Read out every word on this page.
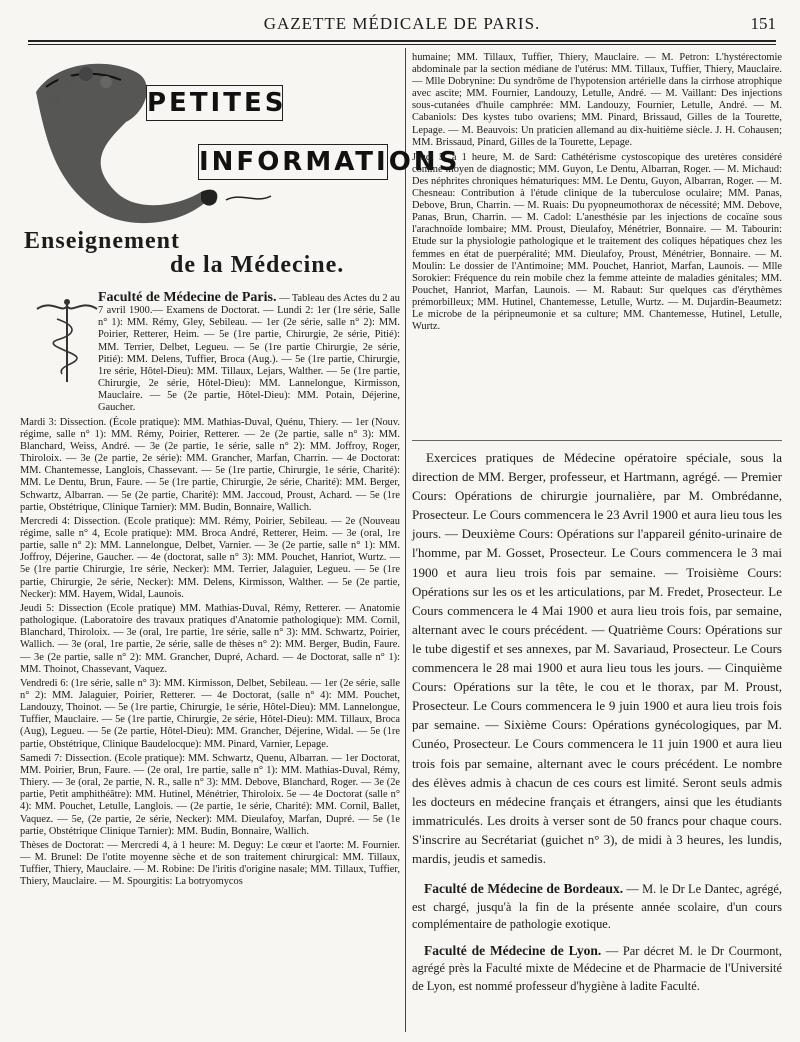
GAZETTE MÉDICALE DE PARIS.	151
PETITES
INFORMATIONS
Enseignement
de la Médecine.

Faculté de Médecine de Paris. — Tableau des Actes du 2 au 7 avril 1900.— Examens de Doctorat. — Lundi 2: 1er (1re série, Salle n° 1): MM. Rémy, Gley, Sebileau. — 1er (2e série, salle n° 2): MM. Poirier, Retterer, Heim. — 5e (1re partie, Chirurgie, 2e série, Pitié): MM. Terrier, Delbet, Legueu. — 5e (1re partie Chirurgie, 2e série, Pitié): MM. Delens, Tuffier, Broca (Aug.). — 5e (1re partie, Chirurgie, 1re série, Hôtel-Dieu): MM. Tillaux, Lejars, Walther. — 5e (1re partie, Chirurgie, 2e série, Hôtel-Dieu): MM. Lannelongue, Kirmisson, Mauclaire. — 5e (2e partie, Hôtel-Dieu): MM. Potain, Déjerine, Gaucher.

Mardi 3: Dissection. (École pratique): MM. Mathias-Duval, Quénu, Thiery. — 1er (Nouv. régime, salle n° 1): MM. Rémy, Poirier, Retterer. — 2e (2e partie, salle n° 3): MM. Blanchard, Weiss, André. — 3e (2e partie, 1e série, salle n° 2): MM. Joffroy, Roger, Thiroloix. — 3e (2e partie, 2e série): MM. Grancher, Marfan, Charrin. — 4e Doctorat: MM. Chantemesse, Langlois, Chassevant. — 5e (1re partie, Chirurgie, 1e série, Charité): MM. Le Dentu, Brun, Faure. — 5e (1re partie, Chirurgie, 2e série, Charité): MM. Berger, Schwartz, Albarran. — 5e (2e partie, Charité): MM. Jaccoud, Proust, Achard. — 5e (1re partie, Obstétrique, Clinique Tarnier): MM. Budin, Bonnaire, Wallich.

Mercredi 4: Dissection. (Ecole pratique): MM. Rémy, Poirier, Sebileau. — 2e (Nouveau régime, salle n° 4, Ecole pratique): MM. Broca André, Retterer, Heim. — 3e (oral, 1re partie, salle n° 2): MM. Lannelongue, Delbet, Varnier. — 3e (2e partie, salle n° 1): MM. Joffroy, Déjerine, Gaucher. — 4e (doctorat, salle n° 3): MM. Pouchet, Hanriot, Wurtz. — 5e (1re partie Chirurgie, 1re série, Necker): MM. Terrier, Jalaguier, Legueu. — 5e (1re partie, Chirurgie, 2e série, Necker): MM. Delens, Kirmisson, Walther. — 5e (2e partie, Necker): MM. Hayem, Widal, Launois.

Jeudi 5: Dissection (Ecole pratique) MM. Mathias-Duval, Rémy, Retterer. — Anatomie pathologique. (Laboratoire des travaux pratiques d'Anatomie pathologique): MM. Cornil, Blanchard, Thiroloix. — 3e (oral, 1re partie, 1re série, salle n° 3): MM. Schwartz, Poirier, Wallich. — 3e (oral, 1re partie, 2e série, salle de thèses n° 2): MM. Berger, Budin, Faure. — 3e (2e partie, salle n° 2): MM. Grancher, Dupré, Achard. — 4e Doctorat, salle n° 1): MM. Thoinot, Chassevant, Vaquez.

Vendredi 6: (1re série, salle n° 3): MM. Kirmisson, Delbet, Sebileau. — 1er (2e série, salle n° 2): MM. Jalaguier, Poirier, Retterer. — 4e Doctorat, (salle n° 4): MM. Pouchet, Landouzy, Thoinot. — 5e (1re partie, Chirurgie, 1e série, Hôtel-Dieu): MM. Lannelongue, Tuffier, Mauclaire. — 5e (1re partie, Chirurgie, 2e série, Hôtel-Dieu): MM. Tillaux, Broca (Aug), Legueu. — 5e (2e partie, Hôtel-Dieu): MM. Grancher, Déjerine, Widal. — 5e (1re partie, Obstétrique, Clinique Baudelocque): MM. Pinard, Varnier, Lepage.

Samedi 7: Dissection. (Ecole pratique): MM. Schwartz, Quenu, Albarran. — 1er Doctorat, MM. Poirier, Brun, Faure. — (2e oral, 1re partie, salle n° 1): MM. Mathias-Duval, Rémy, Thiery. — 3e (oral, 2e partie, N. R., salle n° 3): MM. Debove, Blanchard, Roger. — 3e (2e partie, Petit amphithéâtre): MM. Hutinel, Ménétrier, Thiroloix. 5e — 4e Doctorat (salle n° 4): MM. Pouchet, Letulle, Langlois. — (2e partie, 1e série, Charité): MM. Cornil, Ballet, Vaquez. — 5e, (2e partie, 2e série, Necker): MM. Dieulafoy, Marfan, Dupré. — 5e (1e partie, Obstétrique Clinique Tarnier): MM. Budin, Bonnaire, Wallich.

Thèses de Doctorat: — Mercredi 4, à 1 heure: M. Deguy: Le cœur et l'aorte: M. Fournier. — M. Brunel: De l'otite moyenne sèche et de son traitement chirurgical: MM. Tillaux, Tuffier, Thiery, Mauclaire. — M. Robine: De l'iritis d'origine nasale; MM. Tillaux, Tuffier, Thiery, Mauclaire. — M. Spourgitis: La botryomycos

humaine; MM. Tillaux, Tuffier, Thiery, Mauclaire. — M. Petron: L'hystérectomie abdominale par la section médiane de l'utérus: MM. Tillaux, Tuffier, Thiery, Mauclaire. — Mlle Dobrynine: Du syndrôme de l'hypotension artérielle dans la cirrhose atrophique avec ascite; MM. Fournier, Landouzy, Letulle, André. — M. Vaillant: Des injections sous-cutanées d'huile camphrée: MM. Landouzy, Fournier, Letulle, André. — M. Cabaniols: Des kystes tubo ovariens; MM. Pinard, Brissaud, Gilles de la Tourette, Lepage. — M. Beauvois: Un praticien allemand au dix-huitième siècle. J. H. Cohausen; MM. Brissaud, Pinard, Gilles de la Tourette, Lepage.

Jeudi 5, à 1 heure, M. de Sard: Cathétérisme cystoscopique des uretères considéré comme moyen de diagnostic; MM. Guyon, Le Dentu, Albarran, Roger. — M. Michaud: Des néphrites chroniques hématuriques: MM. Le Dentu, Guyon, Albarran, Roger. — M. Chesneau: Contribution à l'étude clinique de la tuberculose oculaire; MM. Panas, Debove, Brun, Charrin. — M. Ruais: Du pyopneumothorax de nécessité; MM. Debove, Panas, Brun, Charrin. — M. Cadol: L'anesthésie par les injections de cocaïne sous l'arachnoïde lombaire; MM. Proust, Dieulafoy, Ménétrier, Bonnaire. — M. Tabourin: Etude sur la physiologie pathologique et le traitement des coliques hépatiques chez les femmes en état de puerpéralité; MM. Dieulafoy, Proust, Ménétrier, Bonnaire. — M. Moulin: Le dossier de l'Antimoine; MM. Pouchet, Hanriot, Marfan, Launois. — Mlle Sorokier: Fréquence du rein mobile chez la femme atteinte de maladies génitales; MM. Pouchet, Hanriot, Marfan, Launois. — M. Rabaut: Sur quelques cas d'érythèmes prémorbilleux; MM. Hutinel, Chantemesse, Letulle, Wurtz. — M. Dujardin-Beaumetz: Le microbe de la péripneumonie et sa culture; MM. Chantemesse, Hutinel, Letulle, Wurtz.

Exercices pratiques de Médecine opératoire spéciale, sous la direction de MM. Berger, professeur, et Hartmann, agrégé. — Premier Cours: Opérations de chirurgie journalière, par M. Ombrédanne, Prosecteur. Le Cours commencera le 23 Avril 1900 et aura lieu tous les jours. — Deuxième Cours: Opérations sur l'appareil génito-urinaire de l'homme, par M. Gosset, Prosecteur. Le Cours commencera le 3 mai 1900 et aura lieu trois fois par semaine. — Troisième Cours: Opérations sur les os et les articulations, par M. Fredet, Prosecteur. Le Cours commencera le 4 Mai 1900 et aura lieu trois fois, par semaine, alternant avec le cours précédent. — Quatrième Cours: Opérations sur le tube digestif et ses annexes, par M. Savariaud, Prosecteur. Le Cours commencera le 28 mai 1900 et aura lieu tous les jours. — Cinquième Cours: Opérations sur la tête, le cou et le thorax, par M. Proust, Prosecteur. Le Cours commencera le 9 juin 1900 et aura lieu trois fois par semaine. — Sixième Cours: Opérations gynécologiques, par M. Cunéo, Prosecteur. Le Cours commencera le 11 juin 1900 et aura lieu trois fois par semaine, alternant avec le cours précédent. Le nombre des élèves admis à chacun de ces cours est limité. Seront seuls admis les docteurs en médecine français et étrangers, ainsi que les étudiants immatriculés. Les droits à verser sont de 50 francs pour chaque cours. S'inscrire au Secrétariat (guichet n° 3), de midi à 3 heures, les lundis, mardis, jeudis et samedis.

Faculté de Médecine de Bordeaux. — M. le Dr Le Dantec, agrégé, est chargé, jusqu'à la fin de la présente année scolaire, d'un cours complémentaire de pathologie exotique.

Faculté de Médecine de Lyon. — Par décret M. le Dr Courmont, agrégé près la Faculté mixte de Médecine et de Pharmacie de l'Université de Lyon, est nommé professeur d'hygiène à ladite Faculté.
